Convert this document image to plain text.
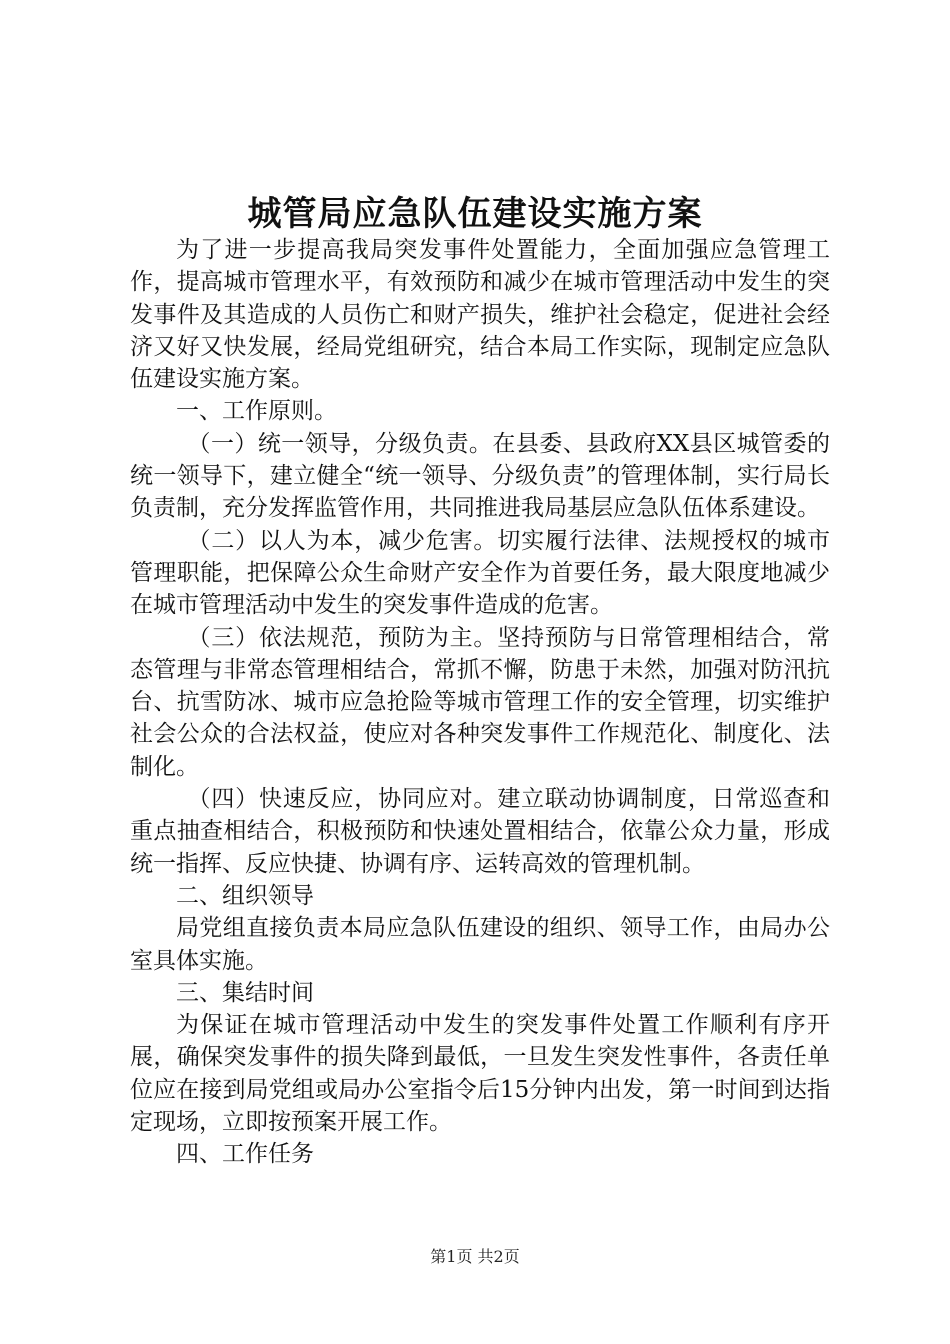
城管局应急队伍建设实施方案

为了进一步提高我局突发事件处置能力，全面加强应急管理工作，提高城市管理水平，有效预防和减少在城市管理活动中发生的突发事件及其造成的人员伤亡和财产损失，维护社会稳定，促进社会经济又好又快发展，经局党组研究，结合本局工作实际，现制定应急队伍建设实施方案。

一、工作原则。

（一）统一领导，分级负责。在县委、县政府XX县区城管委的统一领导下，建立健全“统一领导、分级负责”的管理体制，实行局长负责制，充分发挥监管作用，共同推进我局基层应急队伍体系建设。

（二）以人为本，减少危害。切实履行法律、法规授权的城市管理职能，把保障公众生命财产安全作为首要任务，最大限度地减少在城市管理活动中发生的突发事件造成的危害。

（三）依法规范，预防为主。坚持预防与日常管理相结合，常态管理与非常态管理相结合，常抓不懈，防患于未然，加强对防汛抗台、抗雪防冰、城市应急抢险等城市管理工作的安全管理，切实维护社会公众的合法权益，使应对各种突发事件工作规范化、制度化、法制化。

（四）快速反应，协同应对。建立联动协调制度，日常巡查和重点抽查相结合，积极预防和快速处置相结合，依靠公众力量，形成统一指挥、反应快捷、协调有序、运转高效的管理机制。

二、组织领导

局党组直接负责本局应急队伍建设的组织、领导工作，由局办公室具体实施。

三、集结时间

为保证在城市管理活动中发生的突发事件处置工作顺利有序开展，确保突发事件的损失降到最低，一旦发生突发性事件，各责任单位应在接到局党组或局办公室指令后15分钟内出发，第一时间到达指定现场，立即按预案开展工作。

四、工作任务

第1页 共2页
